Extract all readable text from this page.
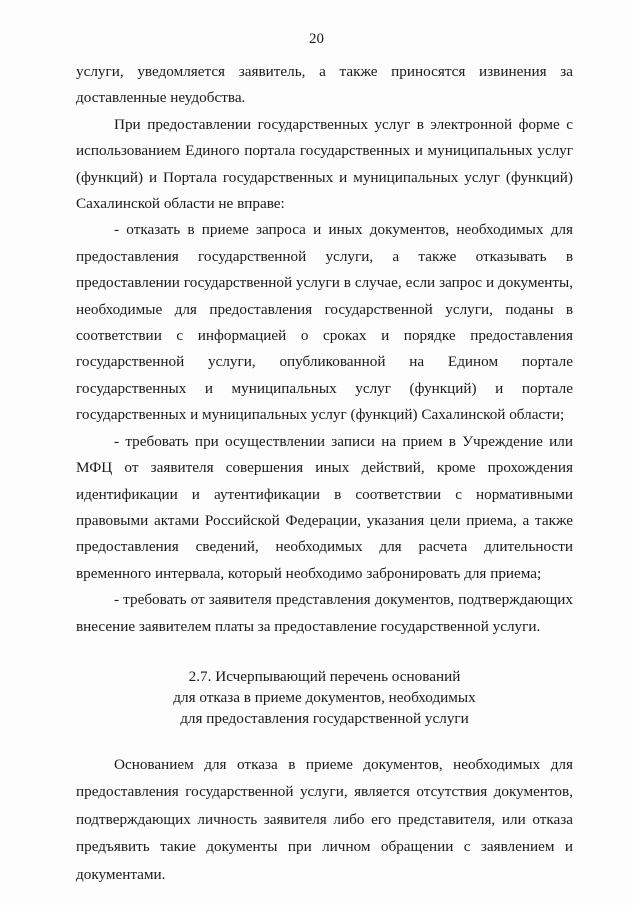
20

услуги, уведомляется заявитель, а также приносятся извинения за доставленные неудобства.

При предоставлении государственных услуг в электронной форме с использованием Единого портала государственных и муниципальных услуг (функций) и Портала государственных и муниципальных услуг (функций) Сахалинской области не вправе:

- отказать в приеме запроса и иных документов, необходимых для предоставления государственной услуги, а также отказывать в предоставлении государственной услуги в случае, если запрос и документы, необходимые для предоставления государственной услуги, поданы в соответствии с информацией о сроках и порядке предоставления государственной услуги, опубликованной на Едином портале государственных и муниципальных услуг (функций) и портале государственных и муниципальных услуг (функций) Сахалинской области;

- требовать при осуществлении записи на прием в Учреждение или МФЦ от заявителя совершения иных действий, кроме прохождения идентификации и аутентификации в соответствии с нормативными правовыми актами Российской Федерации, указания цели приема, а также предоставления сведений, необходимых для расчета длительности временного интервала, который необходимо забронировать для приема;

- требовать от заявителя представления документов, подтверждающих внесение заявителем платы за предоставление государственной услуги.

2.7. Исчерпывающий перечень оснований
для отказа в приеме документов, необходимых
для предоставления государственной услуги

Основанием для отказа в приеме документов, необходимых для предоставления государственной услуги, является отсутствия документов, подтверждающих личность заявителя либо его представителя, или отказа предъявить такие документы при личном обращении с заявлением и документами.
